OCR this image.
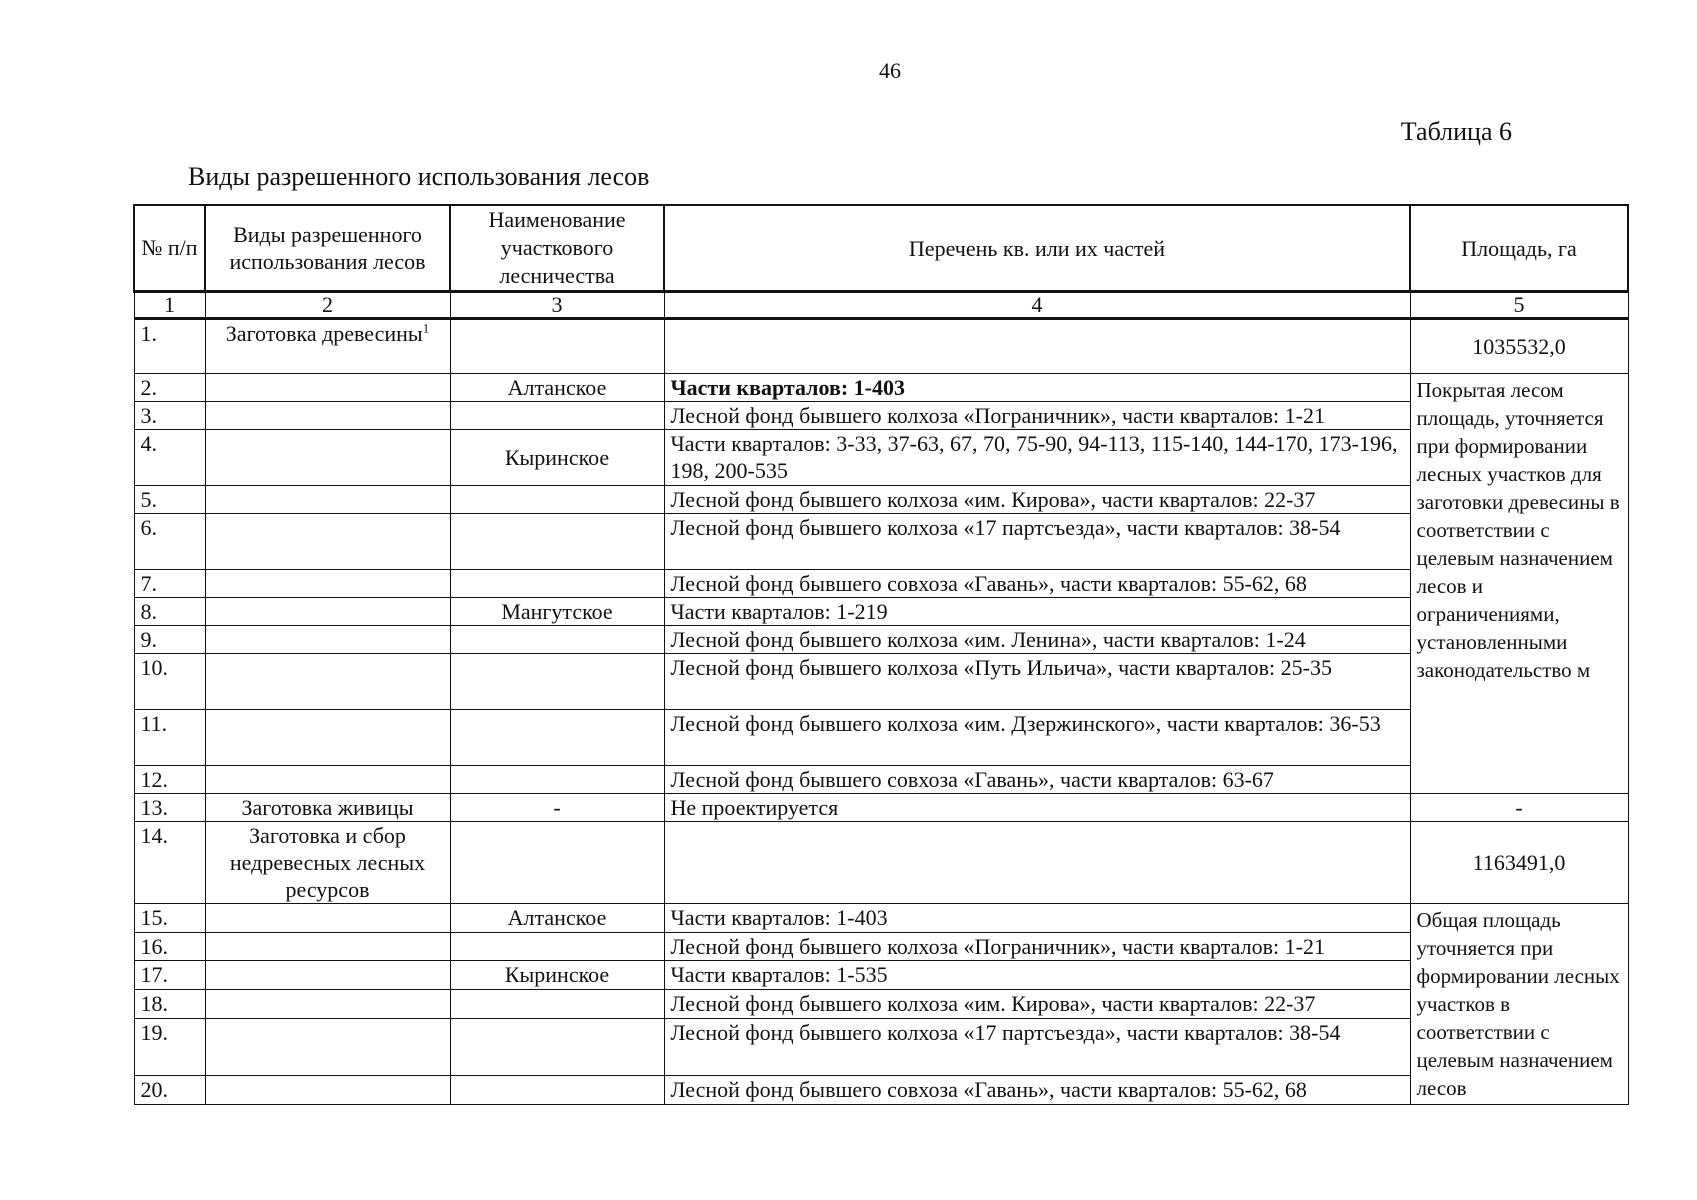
46
Таблица 6
Виды разрешенного использования лесов
№ п/п	Виды разрешенного использования лесов	Наименование участкового лесничества	Перечень кв. или их частей	Площадь, га
1	2	3	4	5
1.	Заготовка древесины$^1$			1035532,0
2.		Алтанское	Части кварталов: 1-403	Покрытая лесом площадь, уточняется при формировании лесных участков для заготовки древесины в соответствии с целевым назначением лесов и ограничениями, установленными законодательство м
3.			Лесной фонд бывшего колхоза «Пограничник», части кварталов: 1-21	
4.		Кыринское	Части кварталов: 3-33, 37-63, 67, 70, 75-90, 94-113, 115-140, 144-170, 173-196, 198, 200-535	
5.			Лесной фонд бывшего колхоза «им. Кирова», части кварталов: 22-37	
6.			Лесной фонд бывшего колхоза «17 партсъезда», части кварталов: 38-54	
7.			Лесной фонд бывшего совхоза «Гавань», части кварталов: 55-62, 68	
8.		Мангутское	Части кварталов: 1-219	
9.			Лесной фонд бывшего колхоза «им. Ленина», части кварталов: 1-24	
10.			Лесной фонд бывшего колхоза «Путь Ильича», части кварталов: 25-35	
11.			Лесной фонд бывшего колхоза «им. Дзержинского», части кварталов: 36-53	
12.			Лесной фонд бывшего совхоза «Гавань», части кварталов: 63-67	
13.	Заготовка живицы	-	Не проектируется	-
14.	Заготовка и сбор недревесных лесных ресурсов			1163491,0
15.		Алтанское	Части кварталов: 1-403	Общая площадь уточняется при формировании лесных участков в соответствии с целевым назначением лесов
16.			Лесной фонд бывшего колхоза «Пограничник», части кварталов: 1-21	
17.		Кыринское	Части кварталов: 1-535	
18.			Лесной фонд бывшего колхоза «им. Кирова», части кварталов: 22-37	
19.			Лесной фонд бывшего колхоза «17 партсъезда», части кварталов: 38-54	
20.			Лесной фонд бывшего совхоза «Гавань», части кварталов: 55-62, 68	
